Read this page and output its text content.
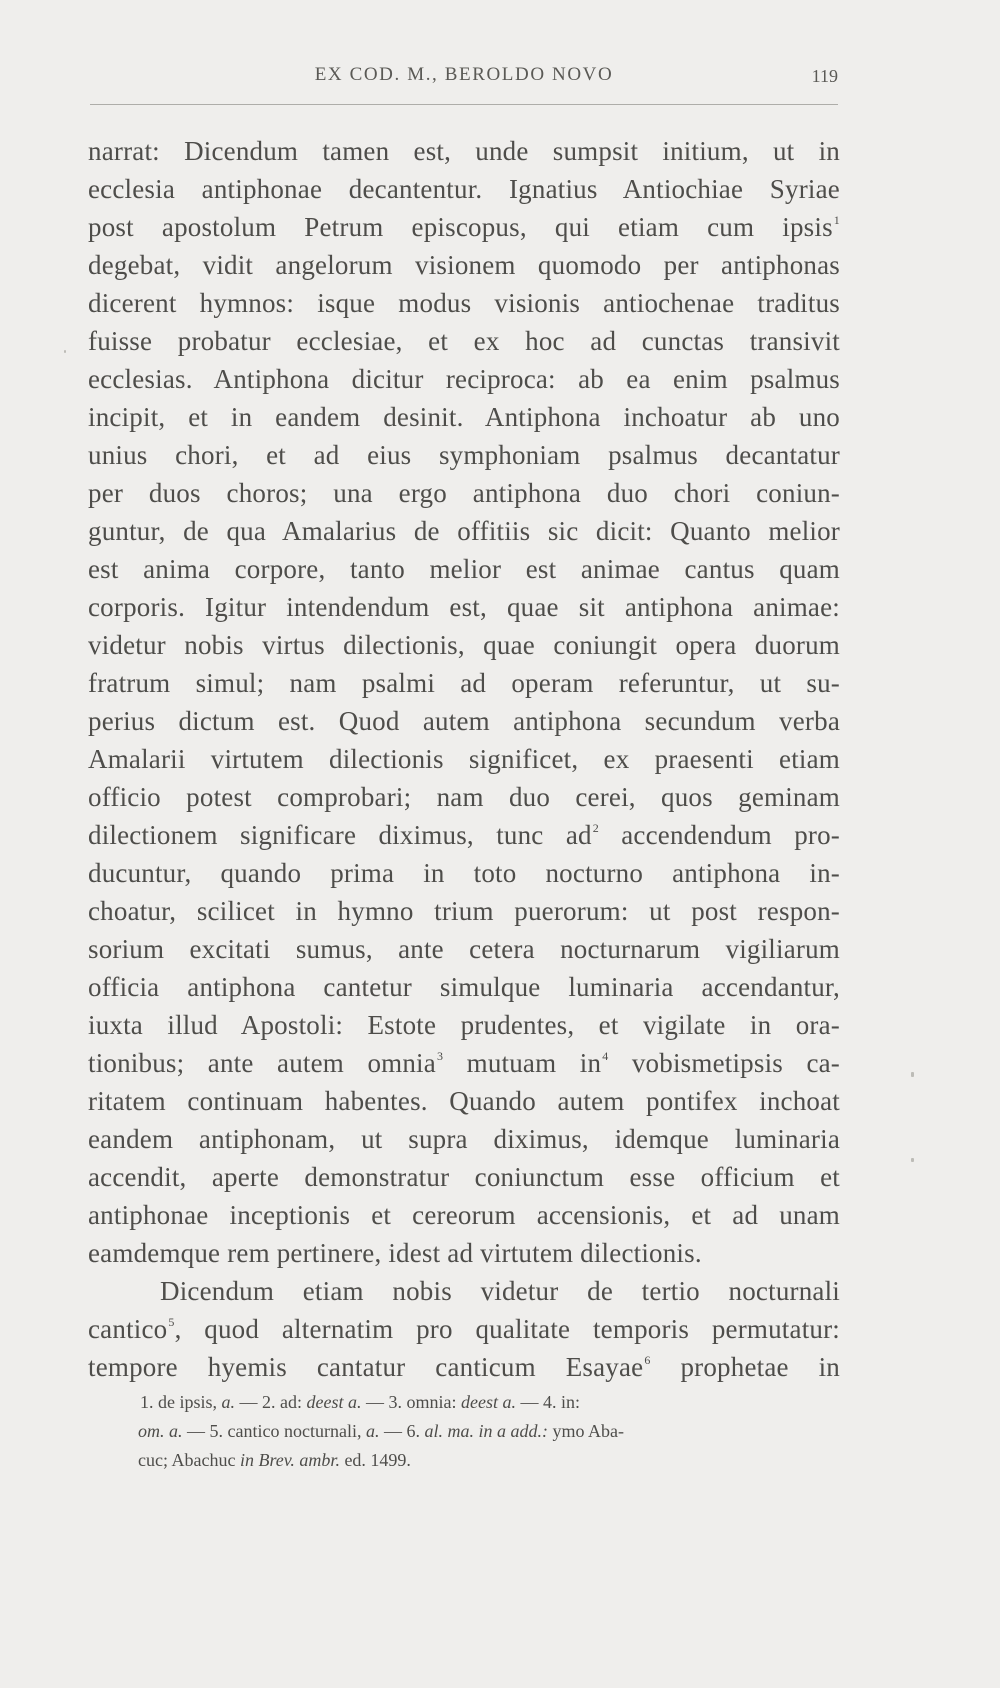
EX COD. M., BEROLDO NOVO	119
narrat: Dicendum tamen est, unde sumpsit initium, ut in
ecclesia antiphonae decantentur. Ignatius Antiochiae Syriae
post apostolum Petrum episcopus, qui etiam cum ipsis$^1$
degebat, vidit angelorum visionem quomodo per antiphonas
dicerent hymnos: isque modus visionis antiochenae traditus
fuisse probatur ecclesiae, et ex hoc ad cunctas transivit
ecclesias. Antiphona dicitur reciproca: ab ea enim psalmus
incipit, et in eandem desinit. Antiphona inchoatur ab uno
unius chori, et ad eius symphoniam psalmus decantatur
per duos choros; una ergo antiphona duo chori coniun-
guntur, de qua Amalarius de offitiis sic dicit: Quanto melior
est anima corpore, tanto melior est animae cantus quam
corporis. Igitur intendendum est, quae sit antiphona animae:
videtur nobis virtus dilectionis, quae coniungit opera duorum
fratrum simul; nam psalmi ad operam referuntur, ut su-
perius dictum est. Quod autem antiphona secundum verba
Amalarii virtutem dilectionis significet, ex praesenti etiam
officio potest comprobari; nam duo cerei, quos geminam
dilectionem significare diximus, tunc $ad^2$ accendendum pro-
ducuntur, quando prima in toto nocturno antiphona in-
choatur, scilicet in hymno trium puerorum: ut post respon-
sorium excitati sumus, ante cetera nocturnarum vigiliarum
officia antiphona cantetur simulque luminaria accendantur,
iuxta illud Apostoli: Estote prudentes, et vigilate in ora-
tionibus; ante autem omnia$^3$ mutuam $in^4$ vobismetipsis ca-
ritatem continuam habentes. Quando autem pontifex inchoat
eandem antiphonam, ut supra diximus, idemque luminaria
accendit, aperte demonstratur coniunctum esse officium et
antiphonae inceptionis et cereorum accensionis, et ad unam
eamdemque rem pertinere, idest ad virtutem dilectionis.
Dicendum etiam nobis videtur de tertio nocturnali
cantico$^5$, quod alternatim pro qualitate temporis permutatur:
tempore hyemis cantatur canticum Esayae$^6$ prophetae in
1. de ipsis, a. — 2. ad: deest a. — 3. omnia: deest a. — 4. in:
om. a. — 5. cantico nocturnali, a. — 6. al. ma. in a add.: ymo Aba-
cuc; Abachuc in Brev. ambr. ed. 1499.
